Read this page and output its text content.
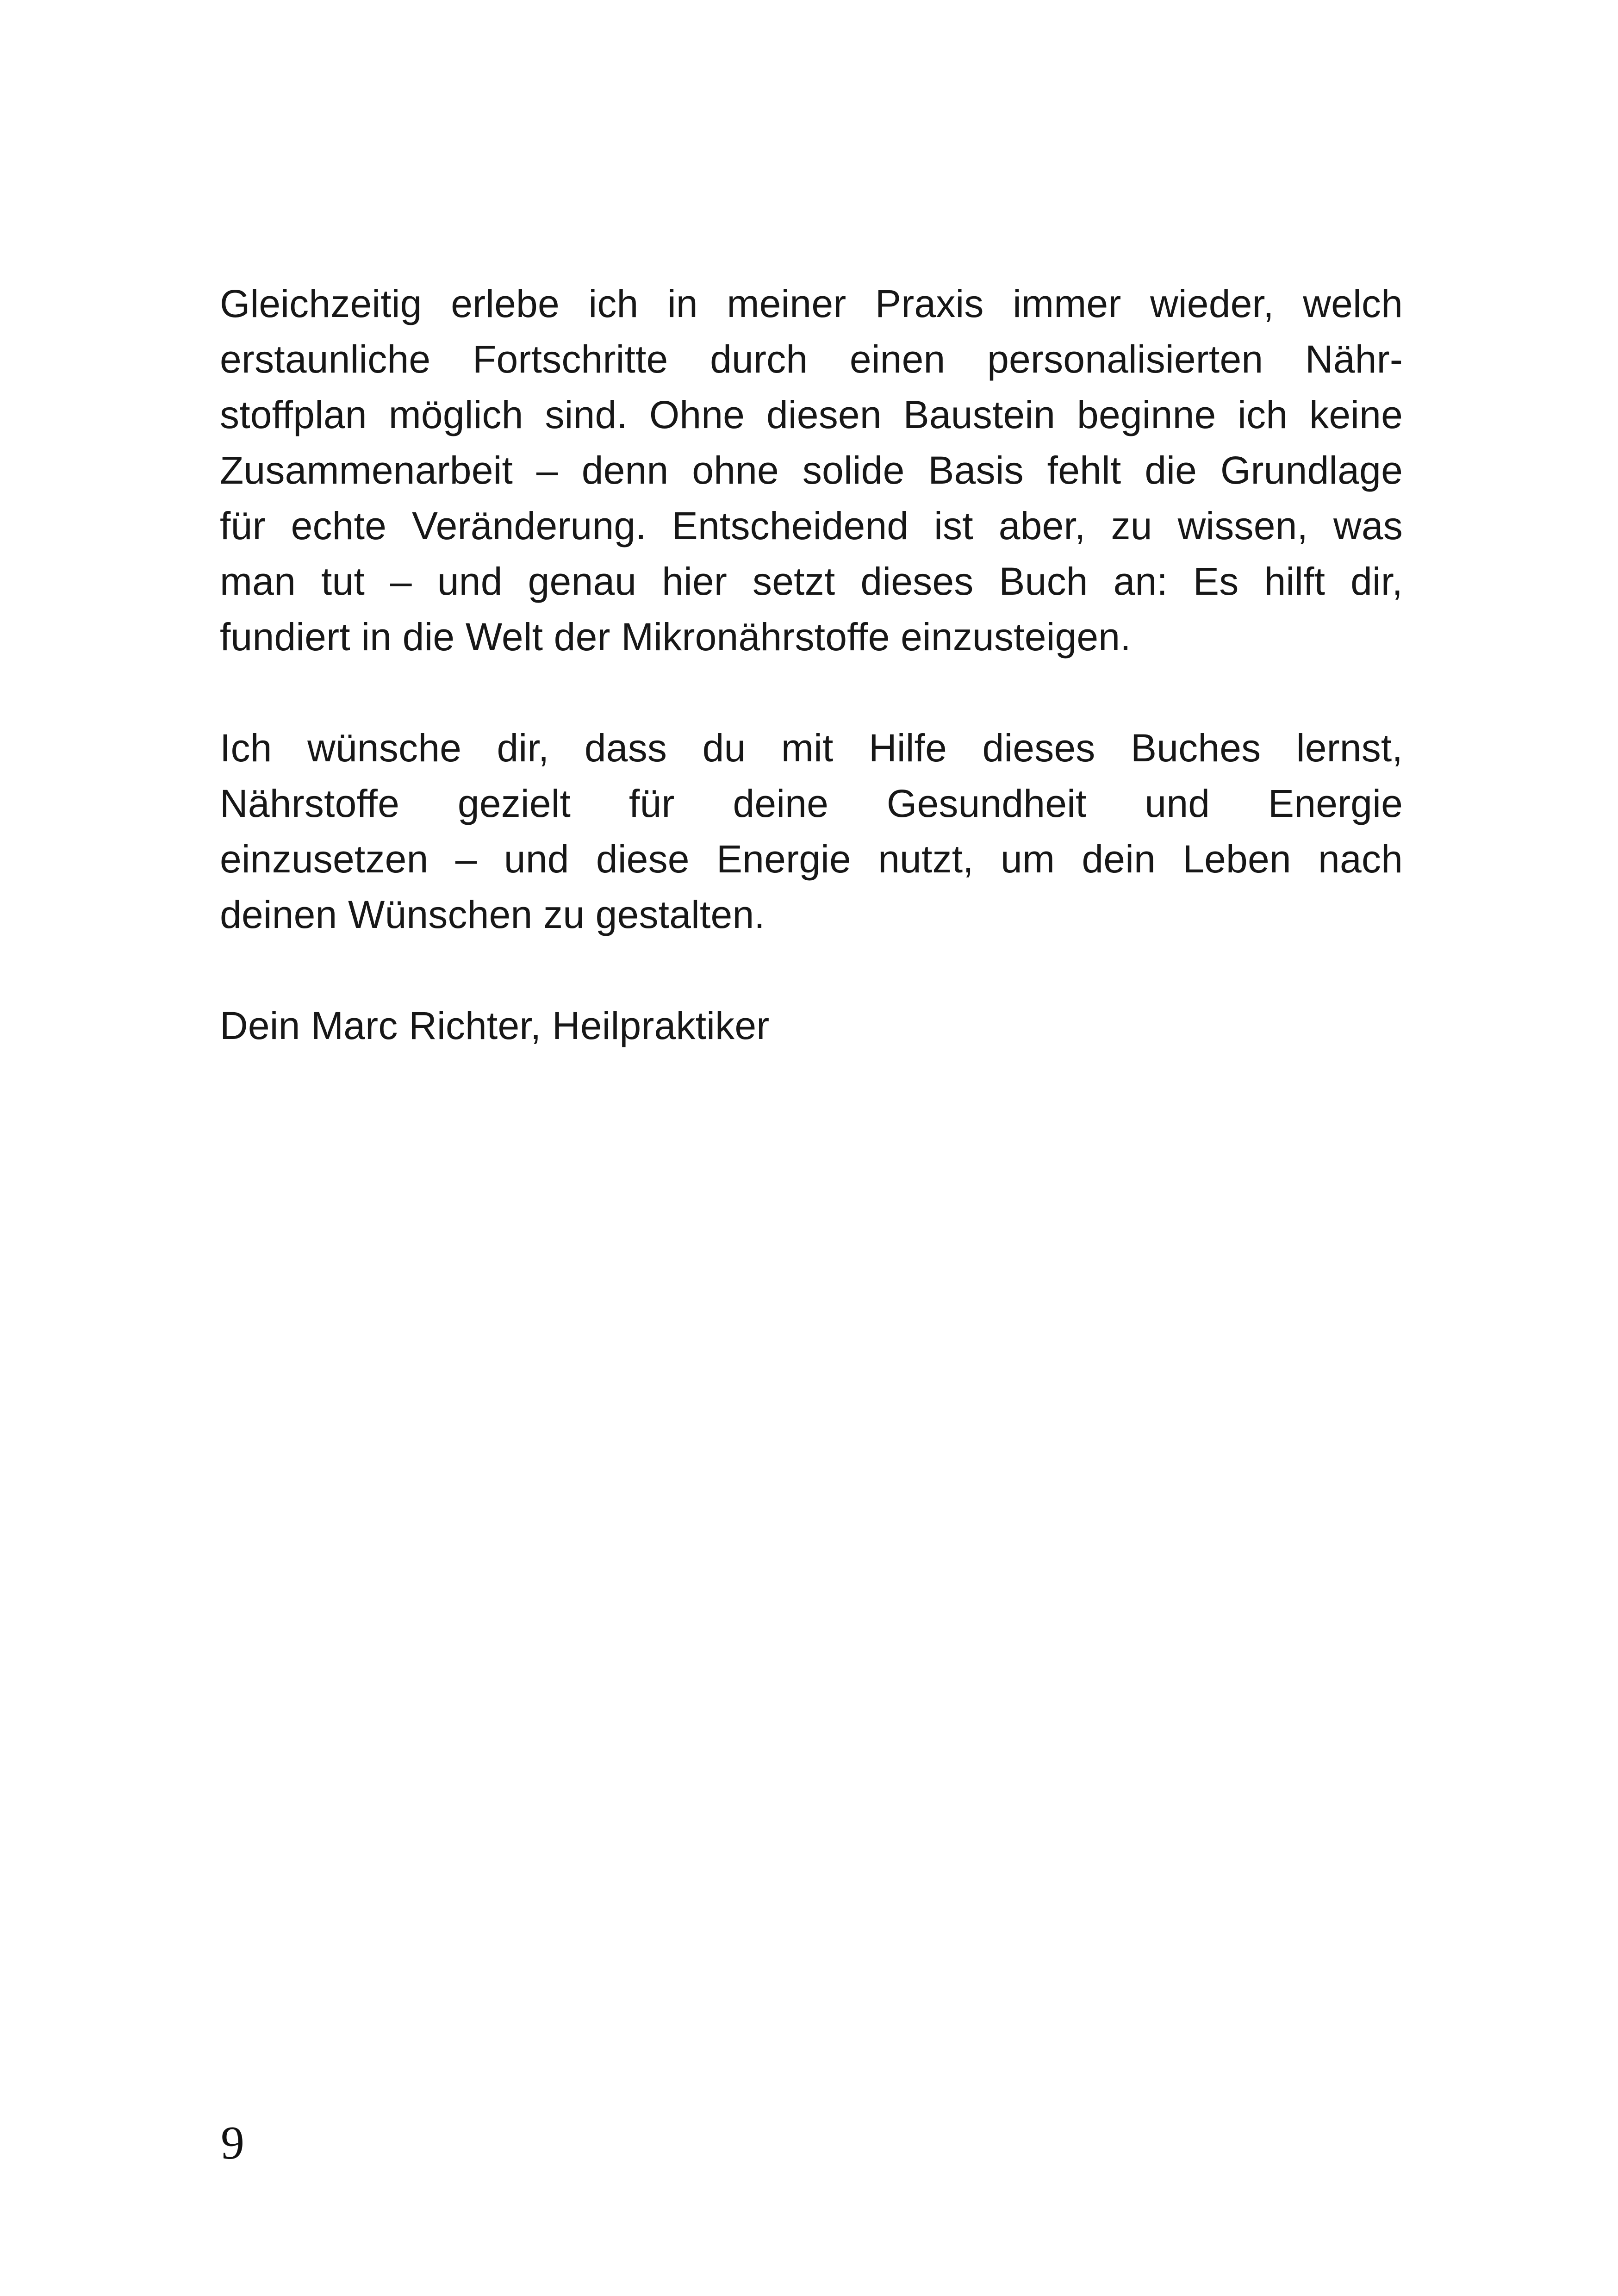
Gleichzeitig erlebe ich in meiner Praxis immer wieder, welch
erstaunliche Fortschritte durch einen personalisierten Nähr-
stoffplan möglich sind. Ohne diesen Baustein beginne ich keine
Zusammenarbeit – denn ohne solide Basis fehlt die Grundlage
für echte Veränderung. Entscheidend ist aber, zu wissen, was
man tut – und genau hier setzt dieses Buch an: Es hilft dir,
fundiert in die Welt der Mikronährstoffe einzusteigen.

Ich wünsche dir, dass du mit Hilfe dieses Buches lernst,
Nährstoffe gezielt für deine Gesundheit und Energie
einzusetzen – und diese Energie nutzt, um dein Leben nach
deinen Wünschen zu gestalten.

Dein Marc Richter, Heilpraktiker

9
